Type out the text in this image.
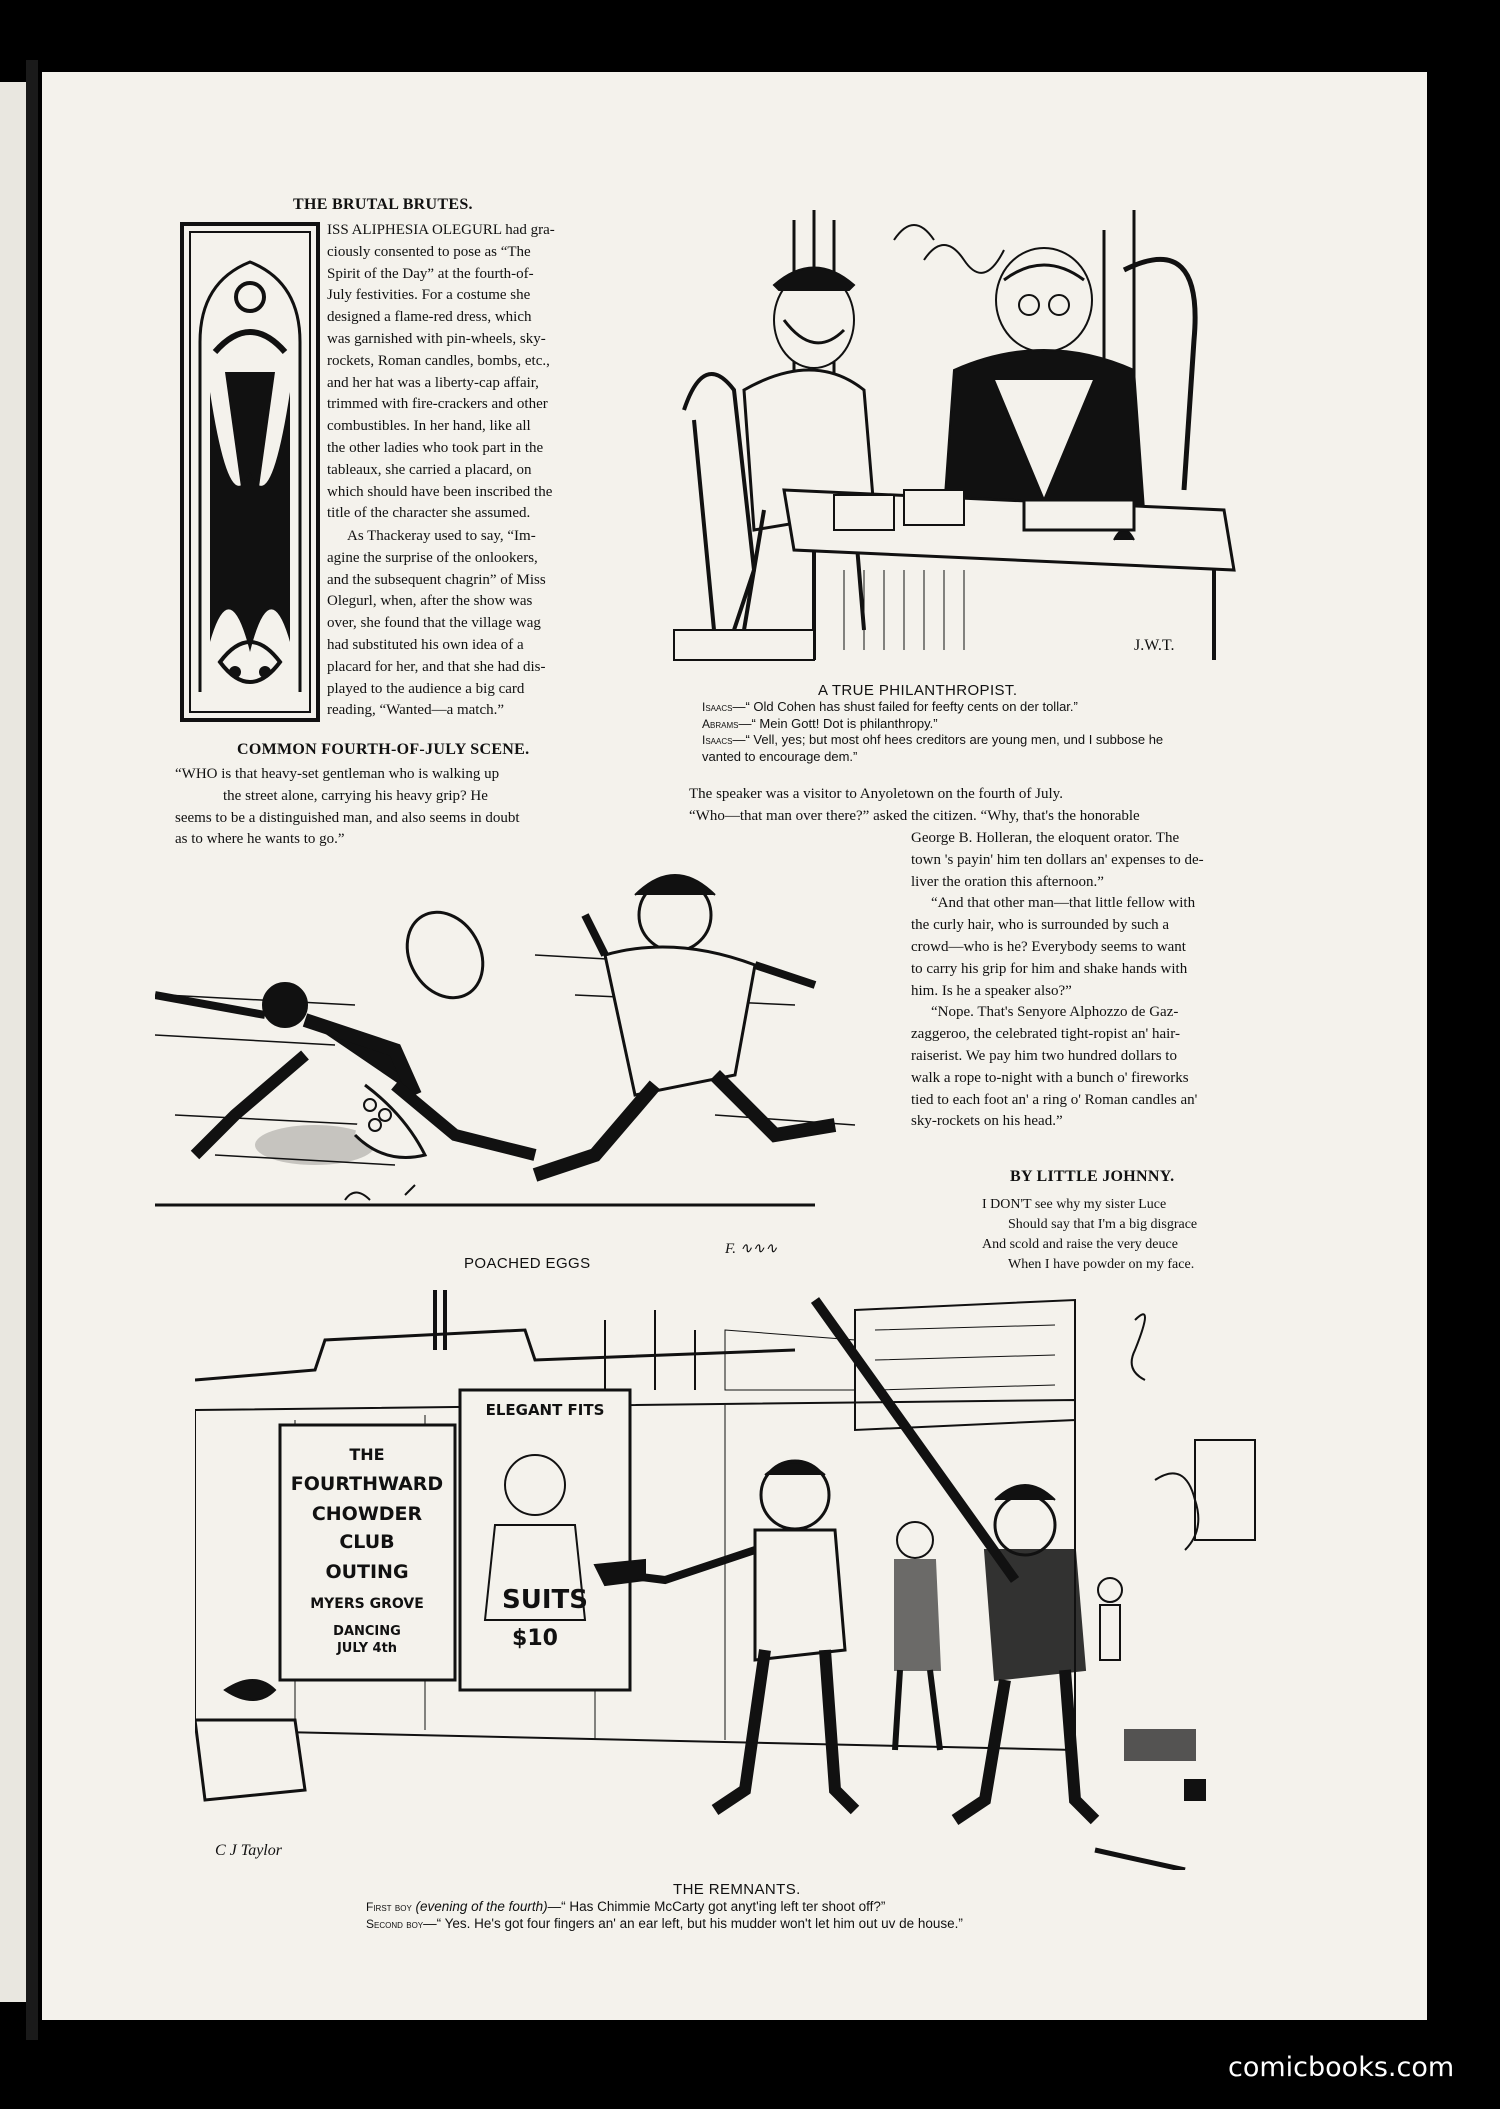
THE BRUTAL BRUTES.
ISS ALIPHESIA OLEGURL had gra-
ciously consented to pose as “The
Spirit of the Day” at the fourth-of-
July festivities. For a costume she
designed a flame-red dress, which
was garnished with pin-wheels, sky-
rockets, Roman candles, bombs, etc.,
and her hat was a liberty-cap affair,
trimmed with fire-crackers and other
combustibles. In her hand, like all
the other ladies who took part in the
tableaux, she carried a placard, on
which should have been inscribed the
title of the character she assumed.
As Thackeray used to say, “Im-
agine the surprise of the onlookers,
and the subsequent chagrin” of Miss
Olegurl, when, after the show was
over, she found that the village wag
had substituted his own idea of a
placard for her, and that she had dis-
played to the audience a big card
reading, “Wanted—a match.”
J.W.T.
A TRUE PHILANTHROPIST.
Isaacs—“ Old Cohen has shust failed for feefty cents on der tollar.”
Abrams—“ Mein Gott! Dot is philanthropy.”
Isaacs—“ Vell, yes; but most ohf hees creditors are young men, und I subbose he
vanted to encourage dem.”
COMMON FOURTH-OF-JULY SCENE.
“WHO is that heavy-set gentleman who is walking up
the street alone, carrying his heavy grip? He
seems to be a distinguished man, and also seems in doubt
as to where he wants to go.”
The speaker was a visitor to Anyoletown on the fourth of July.
“Who—that man over there?” asked the citizen. “Why, that's the honorable
George B. Holleran, the eloquent orator. The
town 's payin' him ten dollars an' expenses to de-
liver the oration this afternoon.”
“And that other man—that little fellow with
the curly hair, who is surrounded by such a
crowd—who is he? Everybody seems to want
to carry his grip for him and shake hands with
him. Is he a speaker also?”
“Nope. That's Senyore Alphozzo de Gaz-
zaggeroo, the celebrated tight-ropist an' hair-
raiserist. We pay him two hundred dollars to
walk a rope to-night with a bunch o' fireworks
tied to each foot an' a ring o' Roman candles an'
sky-rockets on his head.”
F. ∿∿∿
POACHED EGGS
BY LITTLE JOHNNY.
I DON'T see why my sister Luce
Should say that I'm a big disgrace
And scold and raise the very deuce
When I have powder on my face.
THE
FOURTHWARD
CHOWDER
CLUB
OUTING
MYERS GROVE
DANCING
JULY 4th
ELEGANT FITS
SUITS
$10
C J Taylor
THE REMNANTS.
First boy (evening of the fourth)—“ Has Chimmie McCarty got anyt'ing left ter shoot off?”
Second boy—“ Yes. He's got four fingers an' an ear left, but his mudder won't let him out uv de house.”
comicbooks.com
